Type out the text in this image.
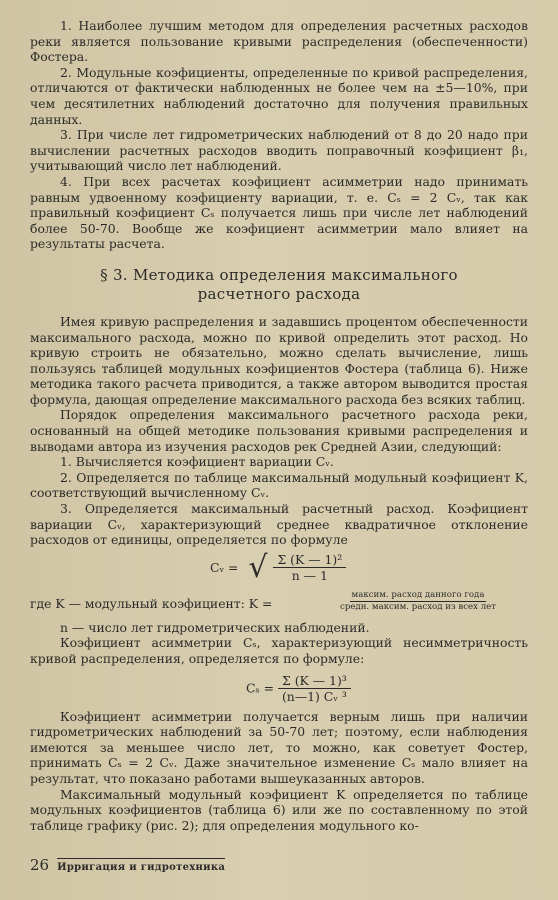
1. Наиболее лучшим методом для определения расчетных расходов реки является пользование кривыми распределения (обеспеченности) Фостера.

2. Модульные коэфициенты, определенные по кривой распределения, отличаются от фактически наблюденных не более чем на ±5—10%, при чем десятилетних наблюдений достаточно для получения правильных данных.

3. При числе лет гидрометрических наблюдений от 8 до 20 надо при вычислении расчетных расходов вводить поправочный коэфициент β₁, учитывающий число лет наблюдений.

4. При всех расчетах коэфициент асимметрии надо принимать равным удвоенному коэфициенту вариации, т. е. Cₛ = 2 Cᵥ, так как правильный коэфициент Cₛ получается лишь при числе лет наблюдений более 50-70. Вообще же коэфициент асимметрии мало влияет на результаты расчета.

§ 3. Методика определения максимального
расчетного расхода

Имея кривую распределения и задавшись процентом обеспеченности максимального расхода, можно по кривой определить этот расход. Но кривую строить не обязательно, можно сделать вычисление, лишь пользуясь таблицей модульных коэфициентов Фостера (таблица 6). Ниже методика такого расчета приводится, а также автором выводится простая формула, дающая определение максимального расхода без всяких таблиц.

Порядок определения максимального расчетного расхода реки, основанный на общей методике пользования кривыми распределения и выводами автора из изучения расходов рек Средней Азии, следующий:

1. Вычисляется коэфициент вариации Cᵥ.

2. Определяется по таблице максимальный модульный коэфициент K, соответствующий вычисленному Cᵥ.

3. Определяется максимальный расчетный расход. Коэфициент вариации Cᵥ, характеризующий среднее квадратичное отклонение расходов от единицы, определяется по формуле

Cᵥ = √ $\frac{\text{Σ (K — 1)²}}{n — 1}$
где K — модульный коэфициент: K =
максим. расход данного года
средн. максим. расход из всех лет

n — число лет гидрометрических наблюдений.

Коэфициент асимметрии Cₛ, характеризующий несимметричность кривой распределения, определяется по формуле:

$C_s = \frac{\text{Σ (K — 1)³}}{\text{(n—1) Cᵥ ³}}$

Коэфициент асимметрии получается верным лишь при наличии гидрометрических наблюдений за 50-70 лет; поэтому, если наблюдения имеются за меньшее число лет, то можно, как советует Фостер, принимать Cₛ = 2 Cᵥ. Даже значительное изменение Cₛ мало влияет на результат, что показано работами вышеуказанных авторов.

Максимальный модульный коэфициент K определяется по таблице модульных коэфициентов (таблица 6) или же по составленному по этой таблице графику (рис. 2); для определения модульного ко-

26 Ирригация и гидротехника
